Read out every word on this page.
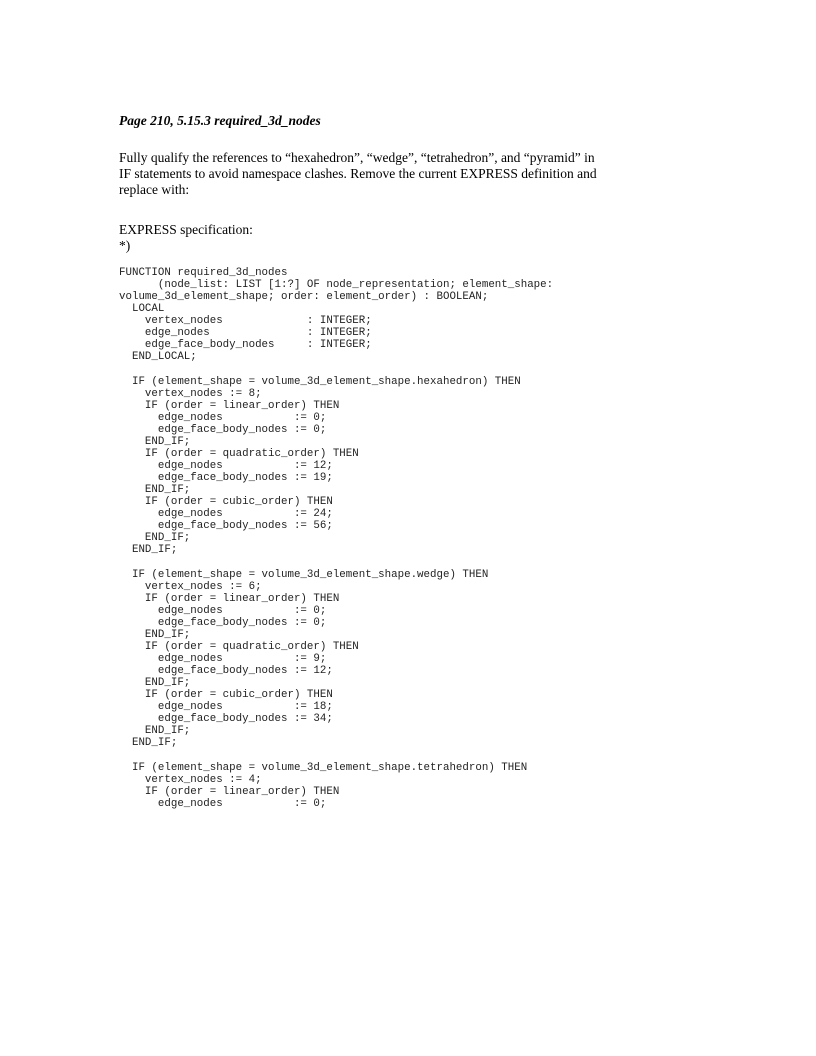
Page 210, 5.15.3 required_3d_nodes
Fully qualify the references to “hexahedron”, “wedge”, “tetrahedron”, and “pyramid” in
IF statements to avoid namespace clashes. Remove the current EXPRESS definition and
replace with:
EXPRESS specification:
*)
FUNCTION required_3d_nodes
(node_list: LIST [1:?] OF node_representation; element_shape:
volume_3d_element_shape; order: element_order) : BOOLEAN;
LOCAL
vertex_nodes             : INTEGER;
edge_nodes               : INTEGER;
edge_face_body_nodes     : INTEGER;
END_LOCAL;
IF (element_shape = volume_3d_element_shape.hexahedron) THEN
vertex_nodes := 8;
IF (order = linear_order) THEN
edge_nodes           := 0;
edge_face_body_nodes := 0;
END_IF;
IF (order = quadratic_order) THEN
edge_nodes           := 12;
edge_face_body_nodes := 19;
END_IF;
IF (order = cubic_order) THEN
edge_nodes           := 24;
edge_face_body_nodes := 56;
END_IF;
END_IF;
IF (element_shape = volume_3d_element_shape.wedge) THEN
vertex_nodes := 6;
IF (order = linear_order) THEN
edge_nodes           := 0;
edge_face_body_nodes := 0;
END_IF;
IF (order = quadratic_order) THEN
edge_nodes           := 9;
edge_face_body_nodes := 12;
END_IF;
IF (order = cubic_order) THEN
edge_nodes           := 18;
edge_face_body_nodes := 34;
END_IF;
END_IF;
IF (element_shape = volume_3d_element_shape.tetrahedron) THEN
vertex_nodes := 4;
IF (order = linear_order) THEN
edge_nodes           := 0;
